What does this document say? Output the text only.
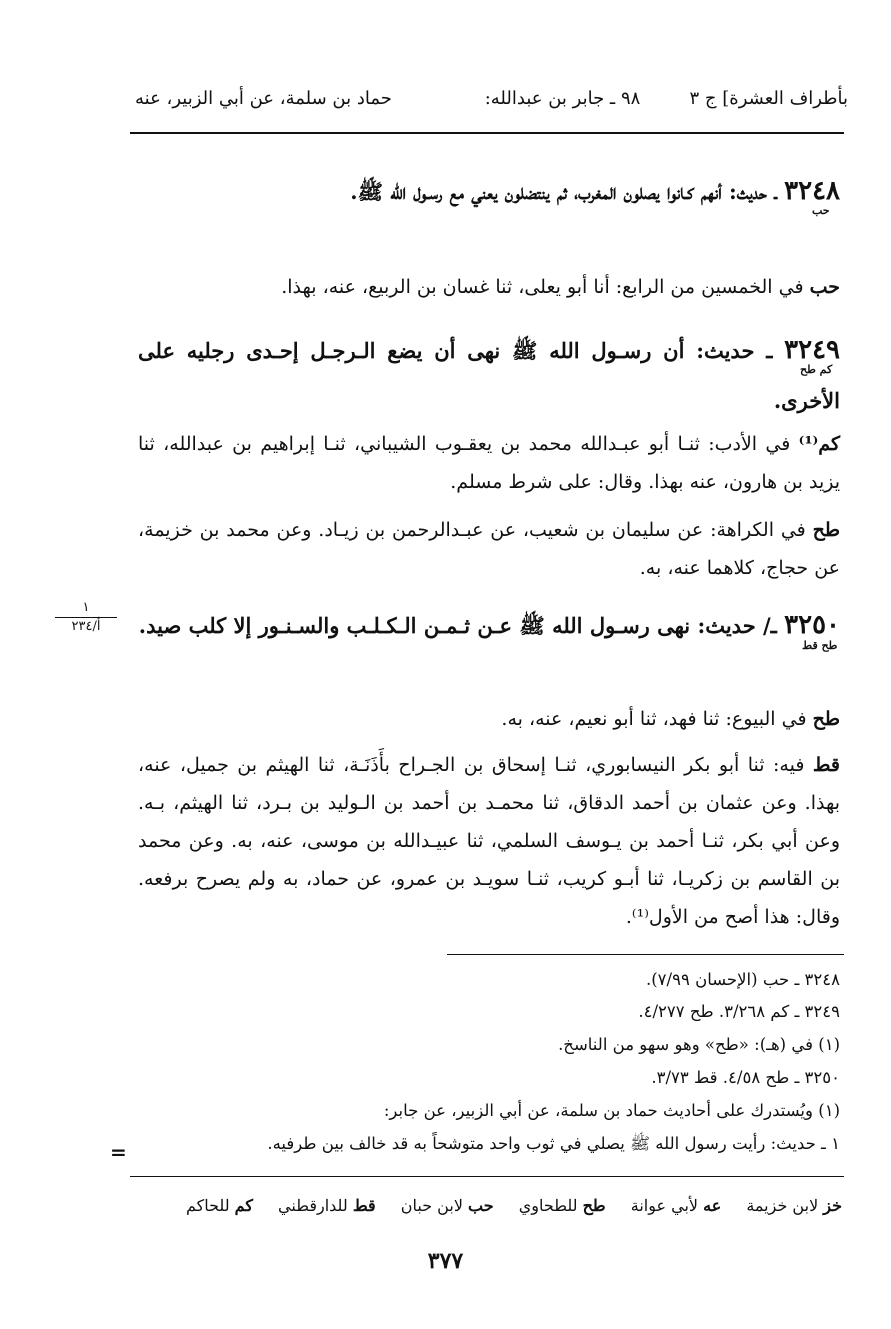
بأطراف العشرة] ج ٣
٩٨ ـ جابر بن عبدالله:
حماد بن سلمة، عن أبي الزبير، عنه
٣٢٤٨ ـ حديث: أنهم كـانوا يصلون المغرب، ثم ينتضلون يعني مع رسـول الله ﷺ.
حب
حب في الخمسين من الرابع: أنا أبو يعلى، ثنا غسان بن الربيع، عنه، بهذا.
٣٢٤٩ ـ حديث: أن رسـول الله ﷺ نهى أن يضع الـرجـل إحـدى رجليه على الأخرى.
كم طح
كم⁽¹⁾ في الأدب: ثنـا أبو عبـدالله محمد بن يعقـوب الشيباني، ثنـا إبراهيم بن عبدالله، ثنا يزيد بن هارون، عنه بهذا. وقال: على شرط مسلم.
طح في الكراهة: عن سليمان بن شعيب، عن عبـدالرحمن بن زيـاد. وعن محمد بن خزيمة، عن حجاج، كلاهما عنه، به.
١
أ/٢٣٤	٣٢٥٠ ـ/ حديث: نهى رسـول الله ﷺ عـن ثـمـن الـكـلـب والسـنـور إلا كلب صيد.
طح قط
طح في البيوع: ثنا فهد، ثنا أبو نعيم، عنه، به.
قط فيه: ثنا أبو بكر النيسابوري، ثنـا إسحاق بن الجـراح بأَذَنَـة، ثنا الهيثم بن جميل، عنه، بهذا. وعن عثمان بن أحمد الدقاق، ثنا محمـد بن أحمد بن الـوليد بن بـرد، ثنا الهيثم، بـه. وعن أبي بكر، ثنـا أحمد بن يـوسف السلمي، ثنا عبيـدالله بن موسى، عنه، به. وعن محمد بن القاسم بن زكريـا، ثنا أبـو كريب، ثنـا سويـد بن عمرو، عن حماد، به ولم يصرح برفعه. وقال: هذا أصح من الأول⁽¹⁾.
٣٢٤٨ ـ حب (الإحسان ٧/٩٩).
٣٢٤٩ ـ كم ٣/٢٦٨. طح ٤/٢٧٧.
(١) في (هـ): «طح» وهو سهو من الناسخ.
٣٢٥٠ ـ طح ٤/٥٨. قط ٣/٧٣.
(١) ويُستدرك على أحاديث حماد بن سلمة، عن أبي الزبير، عن جابر:
١ ـ حديث: رأيت رسول الله ﷺ يصلي في ثوب واحد متوشحاً به قد خالف بين طرفيه.
=
خز لابن خزيمة عه لأبي عوانة طح للطحاوي حب لابن حبان قط للدارقطني كم للحاكم
٣٧٧
